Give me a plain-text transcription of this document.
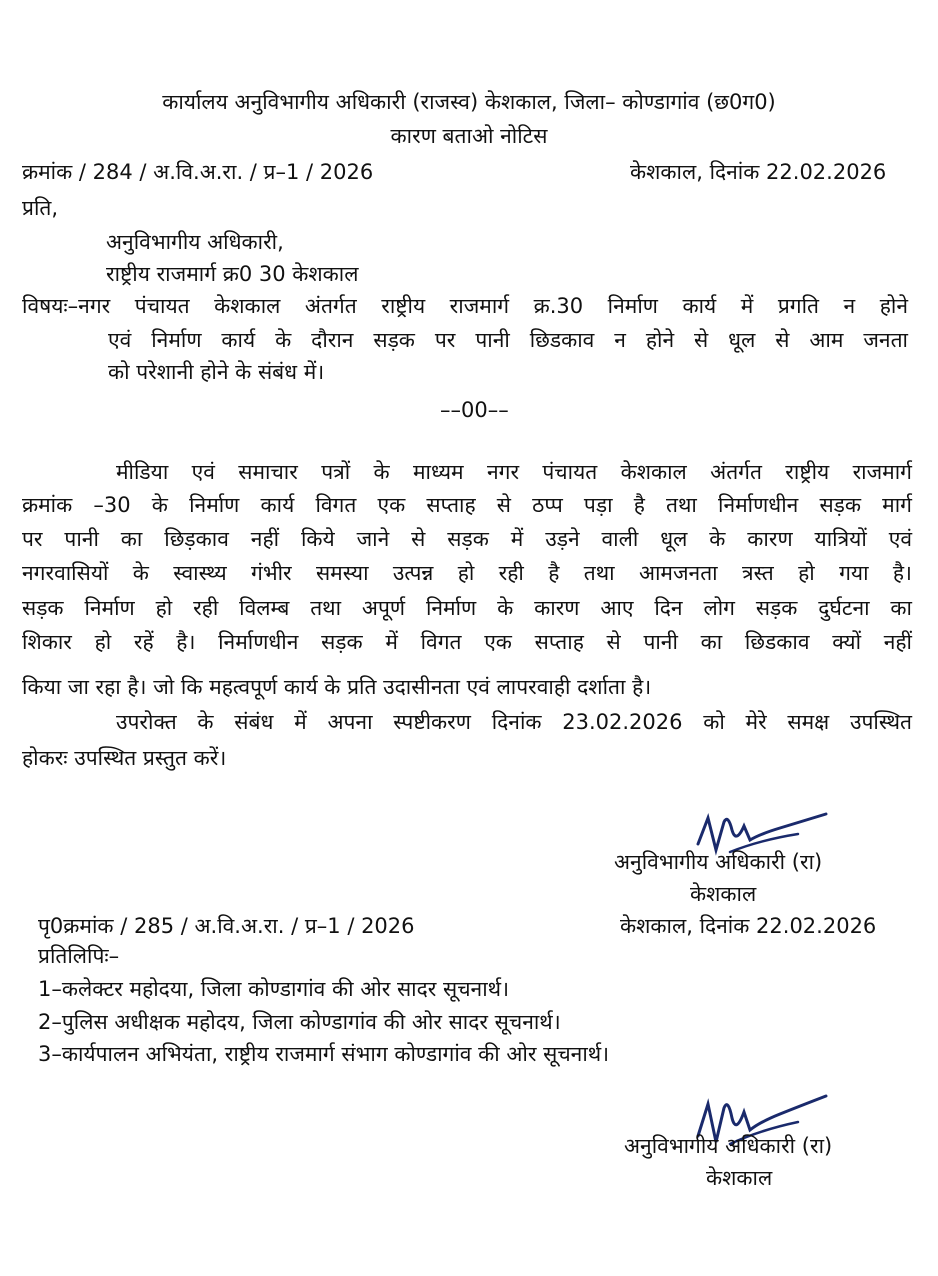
कार्यालय अनुविभागीय अधिकारी (राजस्व) केशकाल, जिला– कोण्डागांव (छ0ग0)
कारण बताओ नोटिस
क्रमांक / 284 / अ.वि.अ.रा. / प्र–1 / 2026	केशकाल, दिनांक 22.02.2026
प्रति,
अनुविभागीय अधिकारी,
राष्ट्रीय राजमार्ग क्र0 30 केशकाल
विषयः–नगर पंचायत केशकाल अंतर्गत राष्ट्रीय राजमार्ग क्र.30 निर्माण कार्य में प्रगति न होने
एवं निर्माण कार्य के दौरान सड़क पर पानी छिडकाव न होने से धूल से आम जनता
को परेशानी होने के संबंध में।
––00––
मीडिया एवं समाचार पत्रों के माध्यम नगर पंचायत केशकाल अंतर्गत राष्ट्रीय राजमार्ग
क्रमांक –30 के निर्माण कार्य विगत एक सप्ताह से ठप्प पड़ा है तथा निर्माणधीन सड़क मार्ग
पर पानी का छिड़काव नहीं किये जाने से सड़क में उड़ने वाली धूल के कारण यात्रियों एवं
नगरवासियों के स्वास्थ्य गंभीर समस्या उत्पन्न हो रही है तथा आमजनता त्रस्त हो गया है।
सड़क निर्माण हो रही विलम्ब तथा अपूर्ण निर्माण के कारण आए दिन लोग सड़क दुर्घटना का
शिकार हो रहें है। निर्माणधीन सड़क में विगत एक सप्ताह से पानी का छिडकाव क्यों नहीं
किया जा रहा है। जो कि महत्वपूर्ण कार्य के प्रति उदासीनता एवं लापरवाही दर्शाता है।
उपरोक्त के संबंध में अपना स्पष्टीकरण दिनांक 23.02.2026 को मेरे समक्ष उपस्थित
होकरः उपस्थित प्रस्तुत करें।
अनुविभागीय अधिकारी (रा)
केशकाल
पृ0क्रमांक / 285 / अ.वि.अ.रा. / प्र–1 / 2026	केशकाल, दिनांक 22.02.2026
प्रतिलिपिः–
1–कलेक्टर महोदया, जिला कोण्डागांव की ओर सादर सूचनार्थ।
2–पुलिस अधीक्षक महोदय, जिला कोण्डागांव की ओर सादर सूचनार्थ।
3–कार्यपालन अभियंता, राष्ट्रीय राजमार्ग संभाग कोण्डागांव की ओर सूचनार्थ।
अनुविभागीय अधिकारी (रा)
केशकाल
